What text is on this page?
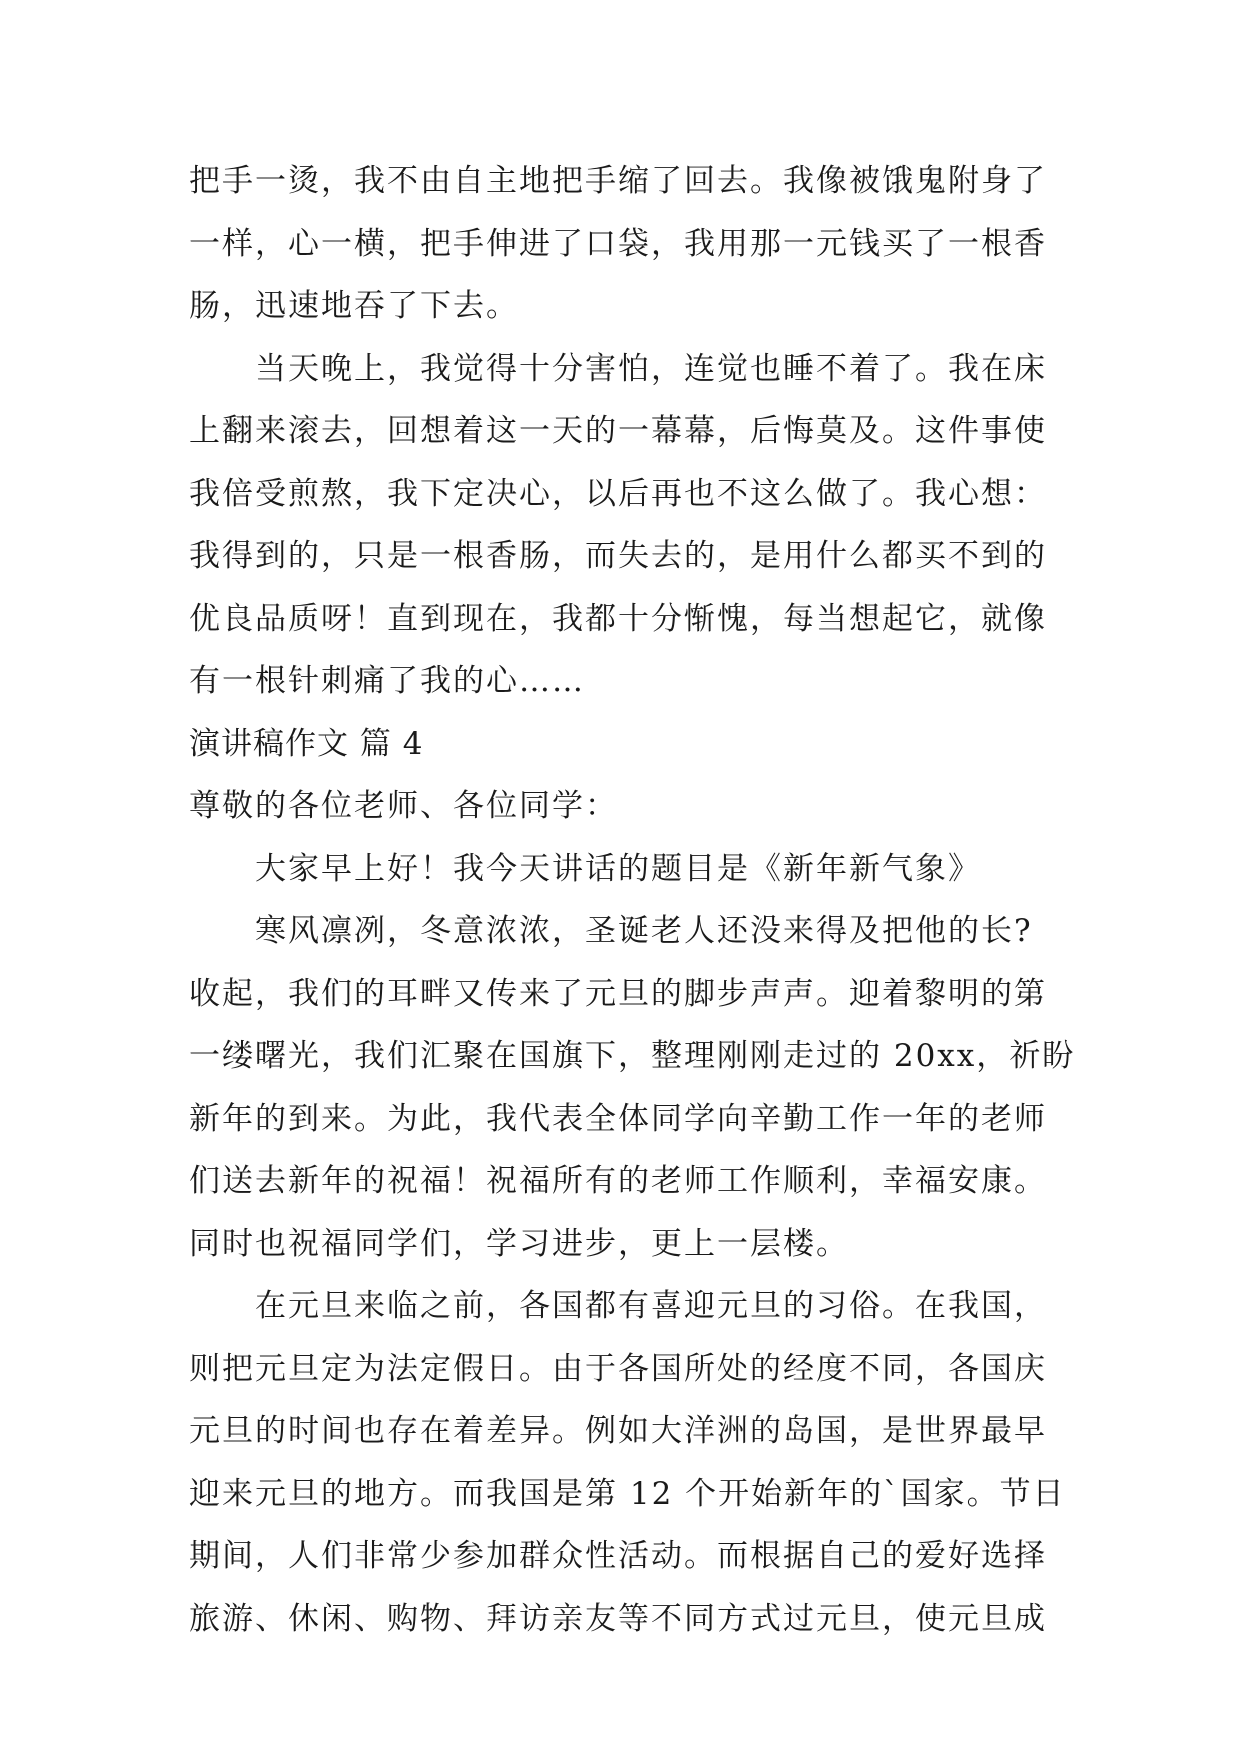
把手一烫，我不由自主地把手缩了回去。我像被饿鬼附身了
一样，心一横，把手伸进了口袋，我用那一元钱买了一根香
肠，迅速地吞了下去。
当天晚上，我觉得十分害怕，连觉也睡不着了。我在床
上翻来滚去，回想着这一天的一幕幕，后悔莫及。这件事使
我倍受煎熬，我下定决心，以后再也不这么做了。我心想：
我得到的，只是一根香肠，而失去的，是用什么都买不到的
优良品质呀！直到现在，我都十分惭愧，每当想起它，就像
有一根针刺痛了我的心……
演讲稿作文 篇 4
尊敬的各位老师、各位同学：
大家早上好！我今天讲话的题目是《新年新气象》
寒风凛冽，冬意浓浓，圣诞老人还没来得及把他的长?
收起，我们的耳畔又传来了元旦的脚步声声。迎着黎明的第
一缕曙光，我们汇聚在国旗下，整理刚刚走过的 20xx，祈盼
新年的到来。为此，我代表全体同学向辛勤工作一年的老师
们送去新年的祝福！祝福所有的老师工作顺利，幸福安康。
同时也祝福同学们，学习进步，更上一层楼。
在元旦来临之前，各国都有喜迎元旦的习俗。在我国，
则把元旦定为法定假日。由于各国所处的经度不同，各国庆
元旦的时间也存在着差异。例如大洋洲的岛国，是世界最早
迎来元旦的地方。而我国是第 12 个开始新年的`国家。节日
期间，人们非常少参加群众性活动。而根据自己的爱好选择
旅游、休闲、购物、拜访亲友等不同方式过元旦，使元旦成
